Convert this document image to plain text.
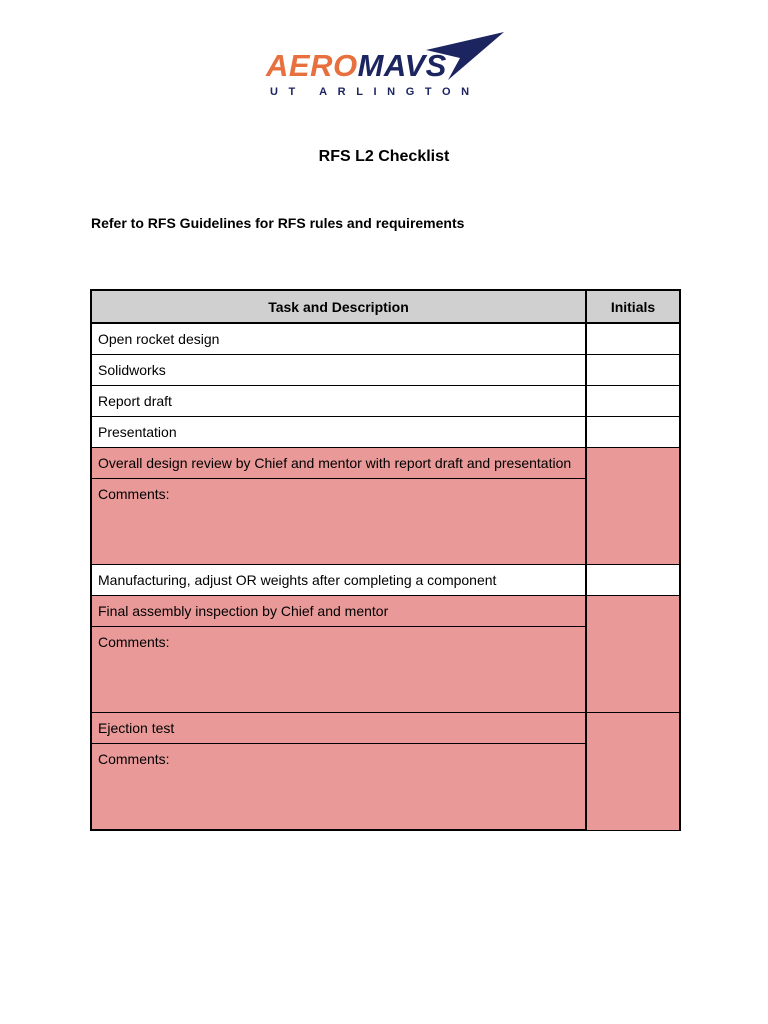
AEROMAVS
UT ARLINGTON
RFS L2 Checklist
Refer to RFS Guidelines for RFS rules and requirements
Task and Description	Initials
Open rocket design	
Solidworks	
Report draft	
Presentation	
Overall design review by Chief and mentor with report draft and presentation	
Comments:	
Manufacturing, adjust OR weights after completing a component	
Final assembly inspection by Chief and mentor	
Comments:	
Ejection test	
Comments:	
